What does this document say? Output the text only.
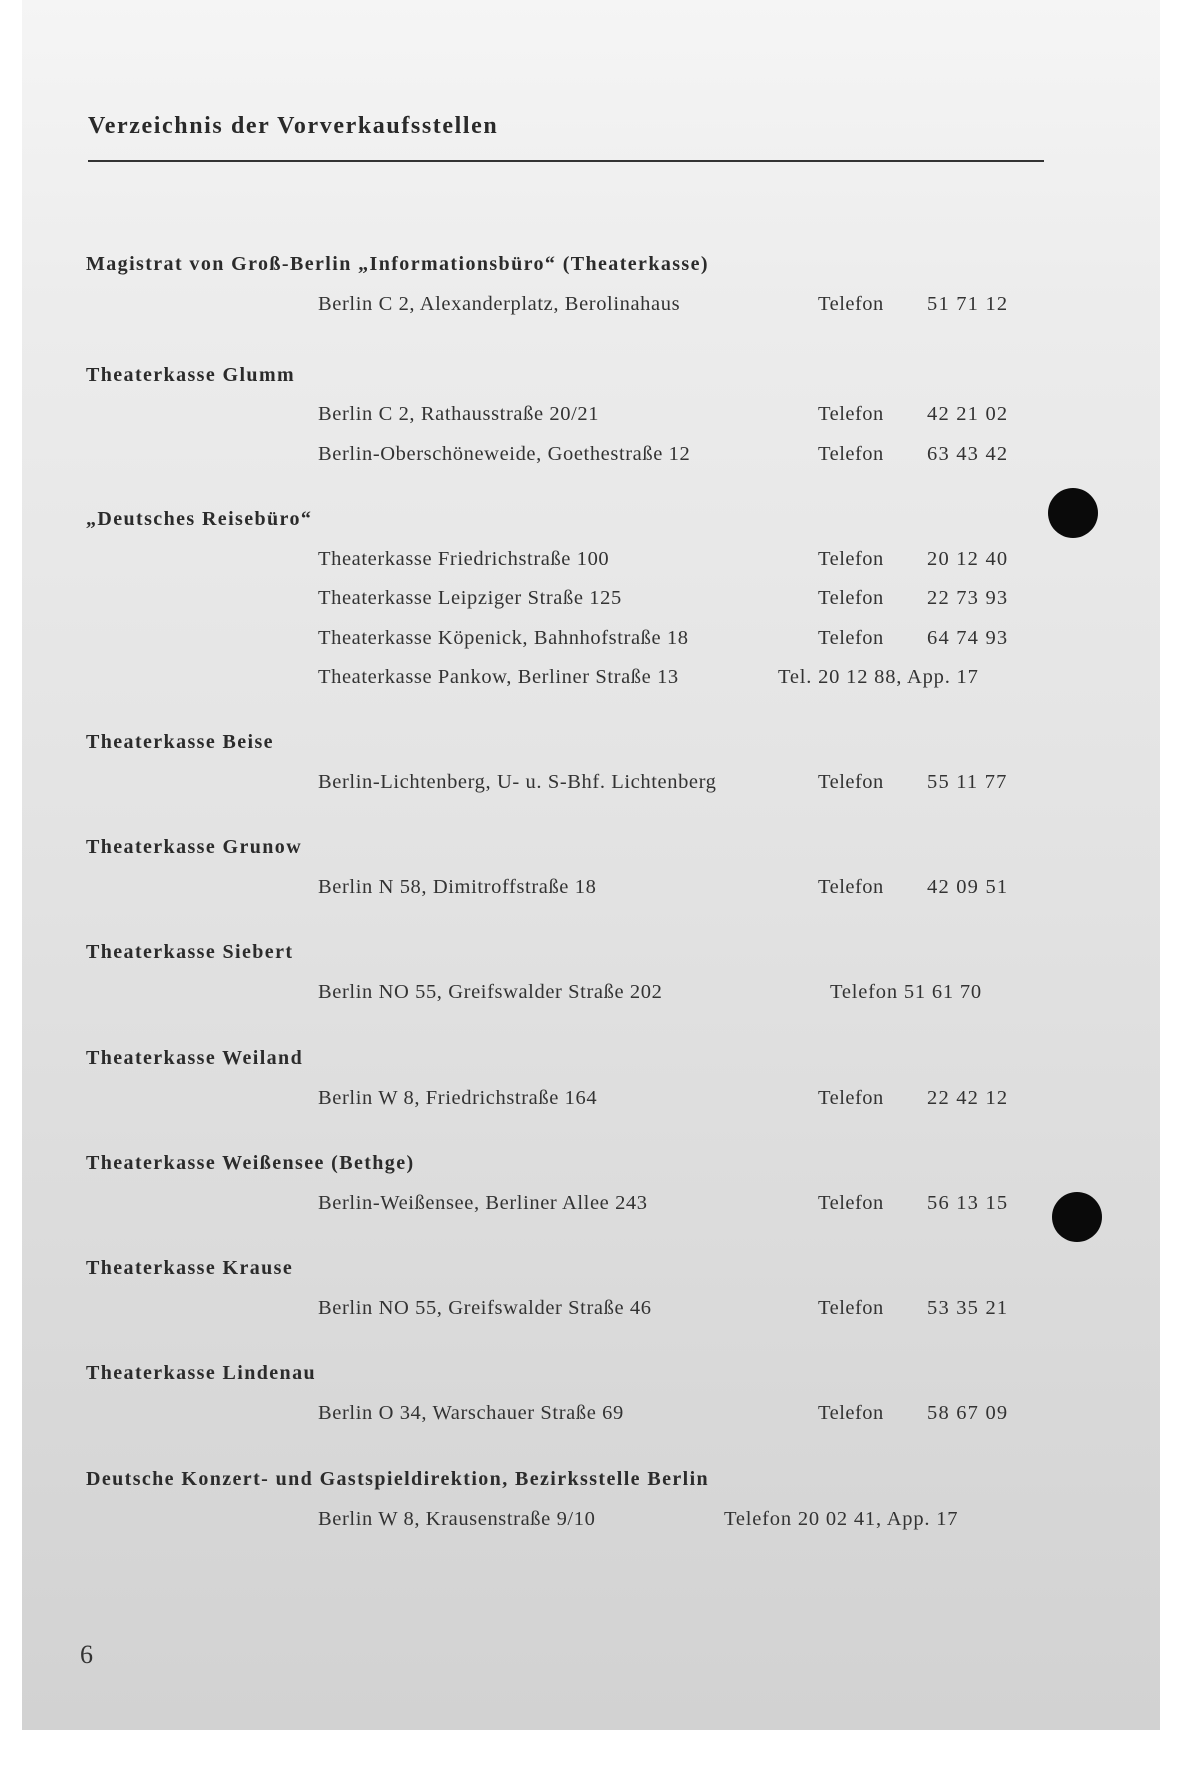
Verzeichnis der Vorverkaufsstellen
Magistrat von Groß-Berlin „Informationsbüro“ (Theaterkasse)
Berlin C 2, Alexanderplatz, Berolinahaus	Telefon 51 71 12
Theaterkasse Glumm
Berlin C 2, Rathausstraße 20/21	Telefon 42 21 02
Berlin-Oberschöneweide, Goethestraße 12	Telefon 63 43 42
„Deutsches Reisebüro“
Theaterkasse Friedrichstraße 100	Telefon 20 12 40
Theaterkasse Leipziger Straße 125	Telefon 22 73 93
Theaterkasse Köpenick, Bahnhofstraße 18	Telefon 64 74 93
Theaterkasse Pankow, Berliner Straße 13	Tel. 20 12 88, App. 17
Theaterkasse Beise
Berlin-Lichtenberg, U- u. S-Bhf. Lichtenberg	Telefon 55 11 77
Theaterkasse Grunow
Berlin N 58, Dimitroffstraße 18	Telefon 42 09 51
Theaterkasse Siebert
Berlin NO 55, Greifswalder Straße 202	Telefon 51 61 70
Theaterkasse Weiland
Berlin W 8, Friedrichstraße 164	Telefon 22 42 12
Theaterkasse Weißensee (Bethge)
Berlin-Weißensee, Berliner Allee 243	Telefon 56 13 15
Theaterkasse Krause
Berlin NO 55, Greifswalder Straße 46	Telefon 53 35 21
Theaterkasse Lindenau
Berlin O 34, Warschauer Straße 69	Telefon 58 67 09
Deutsche Konzert- und Gastspieldirektion, Bezirksstelle Berlin
Berlin W 8, Krausenstraße 9/10	Telefon 20 02 41, App. 17
6
